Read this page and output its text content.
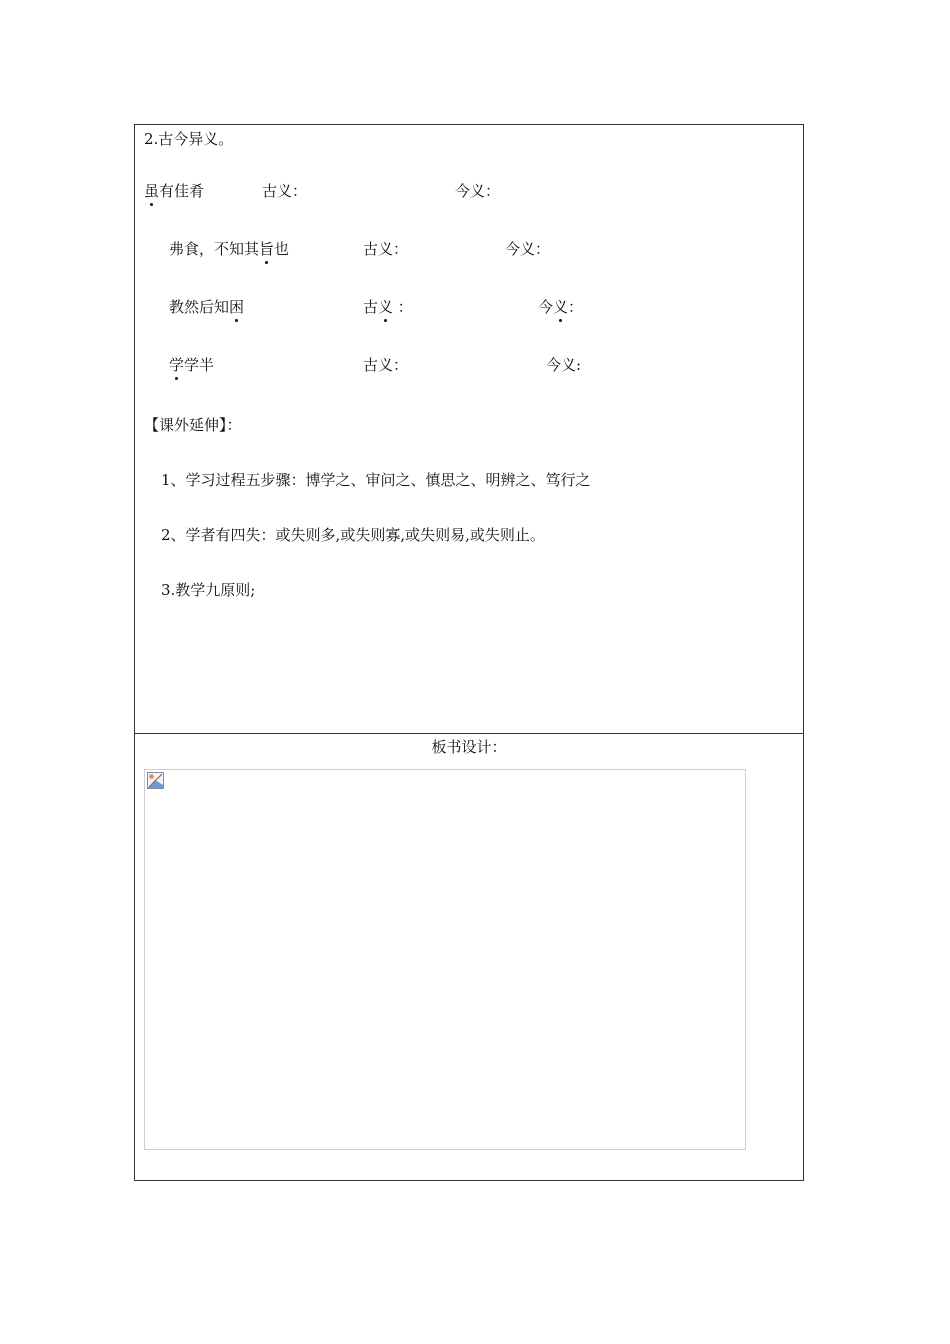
2.古今异义。
虽有佳肴	古义：	今义：
弗食，不知其旨也	古义：	今义：
教然后知困	古义 ：	今义：
学学半	古义：	今义:
【课外延伸】：
1、学习过程五步骤：博学之、审问之、慎思之、明辨之、笃行之
2、学者有四失：或失则多,或失则寡,或失则易,或失则止。
3.教学九原则;
板书设计：
